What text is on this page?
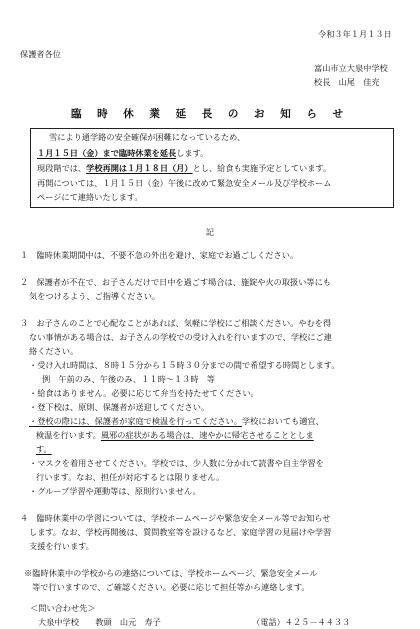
令和３年１月１３日
保護者各位
富山市立大泉中学校
校長　山尾　佳充
臨 時 休 業 延 長 の お 知 ら せ
雪により通学路の安全確保が困難になっているため、
１月１５日（金）まで臨時休業を延長します。
現段階では、学校再開は１月１８日（月）とし、給食も実施予定としています。
再開については、１月１５日（金）午後に改めて緊急安全メール及び学校ホーム
ページにて連絡いたします。
記
１　臨時休業期間中は、不要不急の外出を避け、家庭でお過ごしください。
２　保護者が不在で、お子さんだけで日中を過ごす場合は、施錠や火の取扱い等にも
気をつけるよう、ご指導ください。
３　お子さんのことで心配なことがあれば、気軽に学校にご相談ください。やむを得
ない事情がある場合は、お子さんの学校での受け入れを行いますので、学校にご連
絡ください。
・受け入れ時間は、８時１５分から１５時３０分までの間で希望する時間とします。
例　午前のみ、午後のみ、１１時～１３時　等
・給食はありません。必要に応じて弁当を持たせてください。
・登下校は、原則、保護者が送迎してください。
・登校の際には、保護者が家庭で検温を行ってください。学校においても適宜、
検温を行います。風邪の症状がある場合は、速やかに帰宅させることとしま
す。
・マスクを着用させてください。学校では、少人数に分かれて読書や自主学習を
行います。なお、担任が対応するとは限りません。
・グループ学習や運動等は、原則行いません。
４　臨時休業中の学習については、学校ホームページや緊急安全メール等でお知らせ
します。なお、学校再開後は、質問教室等を設けるなど、家庭学習の見届けや学習
支援を行います。
※臨時休業中の学校からの連絡については、学校ホームページ、緊急安全メール
等で行いますので、ご確認ください。必要に応じて担任等から連絡します。
＜問い合わせ先＞
大泉中学校　　教頭　山元　寿子	（電話）４２５－４４３３
